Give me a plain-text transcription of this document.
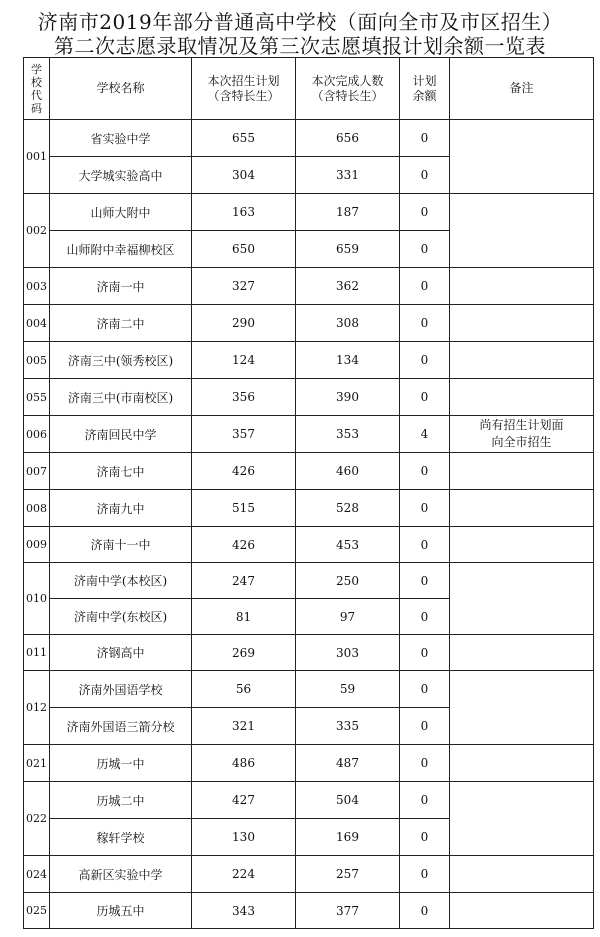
济南市2019年部分普通高中学校（面向全市及市区招生）
第二次志愿录取情况及第三次志愿填报计划余额一览表
学校代码	学校名称	本次招生计划（含特长生）	本次完成人数（含特长生）	计划余额	备注
001	省实验中学	655	656	0	
	大学城实验高中	304	331	0	
002	山师大附中	163	187	0	
	山师附中幸福柳校区	650	659	0	
003	济南一中	327	362	0	
004	济南二中	290	308	0	
005	济南三中(领秀校区)	124	134	0	
055	济南三中(市南校区)	356	390	0	
006	济南回民中学	357	353	4	尚有招生计划面向全市招生

007	济南七中	426	460	0	
008	济南九中	515	528	0	
009	济南十一中	426	453	0	
010	济南中学(本校区)	247	250	0	
	济南中学(东校区)	81	97	0	
011	济钢高中	269	303	0	
012	济南外国语学校	56	59	0	
	济南外国语三箭分校	321	335	0	
021	历城一中	486	487	0	
022	历城二中	427	504	0	
	稼轩学校	130	169	0	
024	高新区实验中学	224	257	0	
025	历城五中	343	377	0	
